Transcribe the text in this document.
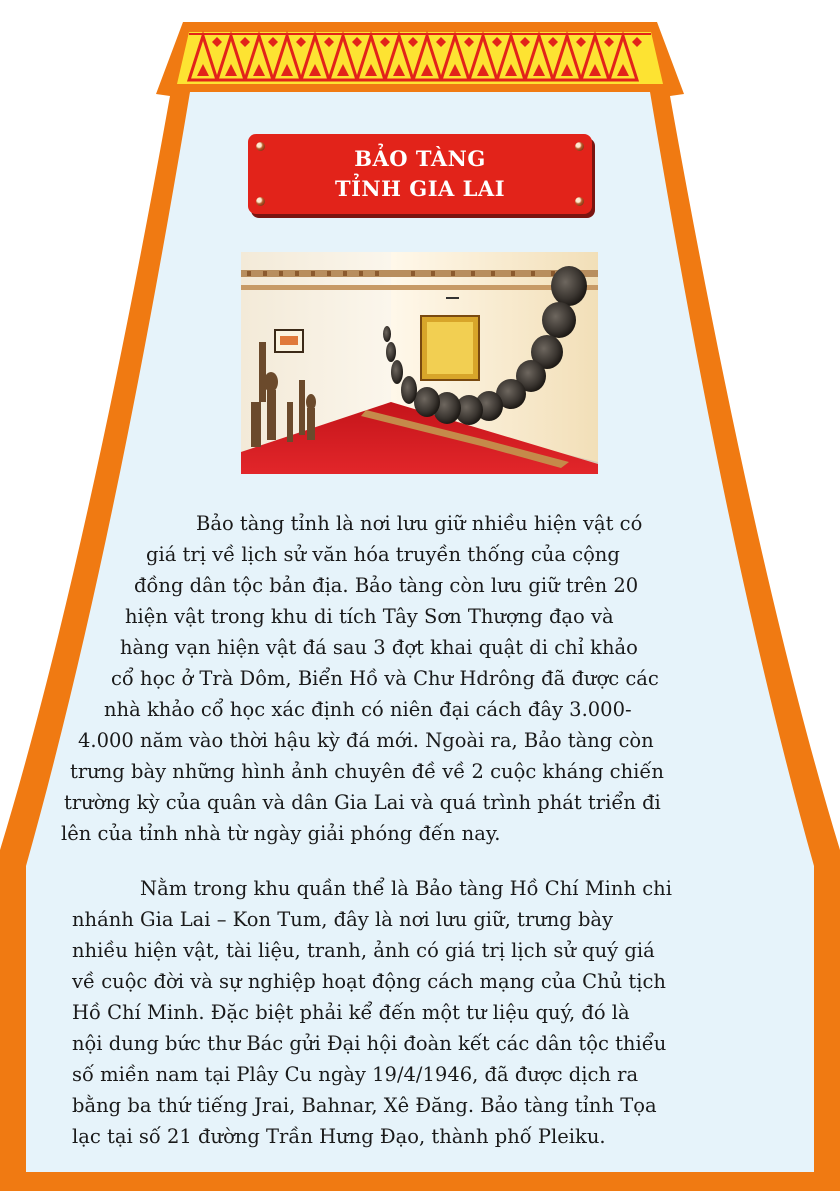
BẢO TÀNG
TỈNH GIA LAI

Bảo tàng tỉnh là nơi lưu giữ nhiều hiện vật có
giá trị về lịch sử văn hóa truyền thống của cộng
đồng dân tộc bản địa. Bảo tàng còn lưu giữ trên 20
hiện vật trong khu di tích Tây Sơn Thượng đạo và
hàng vạn hiện vật đá sau 3 đợt khai quật di chỉ khảo
cổ học ở Trà Dôm, Biển Hồ và Chư Hdrông đã được các
nhà khảo cổ học xác định có niên đại cách đây 3.000-
4.000 năm vào thời hậu kỳ đá mới. Ngoài ra, Bảo tàng còn
trưng bày những hình ảnh chuyên đề về 2 cuộc kháng chiến
trường kỳ của quân và dân Gia Lai và quá trình phát triển đi
lên của tỉnh nhà từ ngày giải phóng đến nay.

Nằm trong khu quần thể là Bảo tàng Hồ Chí Minh chi
nhánh Gia Lai – Kon Tum, đây là nơi lưu giữ, trưng bày
nhiều hiện vật, tài liệu, tranh, ảnh có giá trị lịch sử quý giá
về cuộc đời và sự nghiệp hoạt động cách mạng của Chủ tịch
Hồ Chí Minh. Đặc biệt phải kể đến một tư liệu quý, đó là
nội dung bức thư Bác gửi Đại hội đoàn kết các dân tộc thiểu
số miền nam tại Plây Cu ngày 19/4/1946, đã được dịch ra
bằng ba thứ tiếng Jrai, Bahnar, Xê Đăng. Bảo tàng tỉnh Tọa
lạc tại số 21 đường Trần Hưng Đạo, thành phố Pleiku.
